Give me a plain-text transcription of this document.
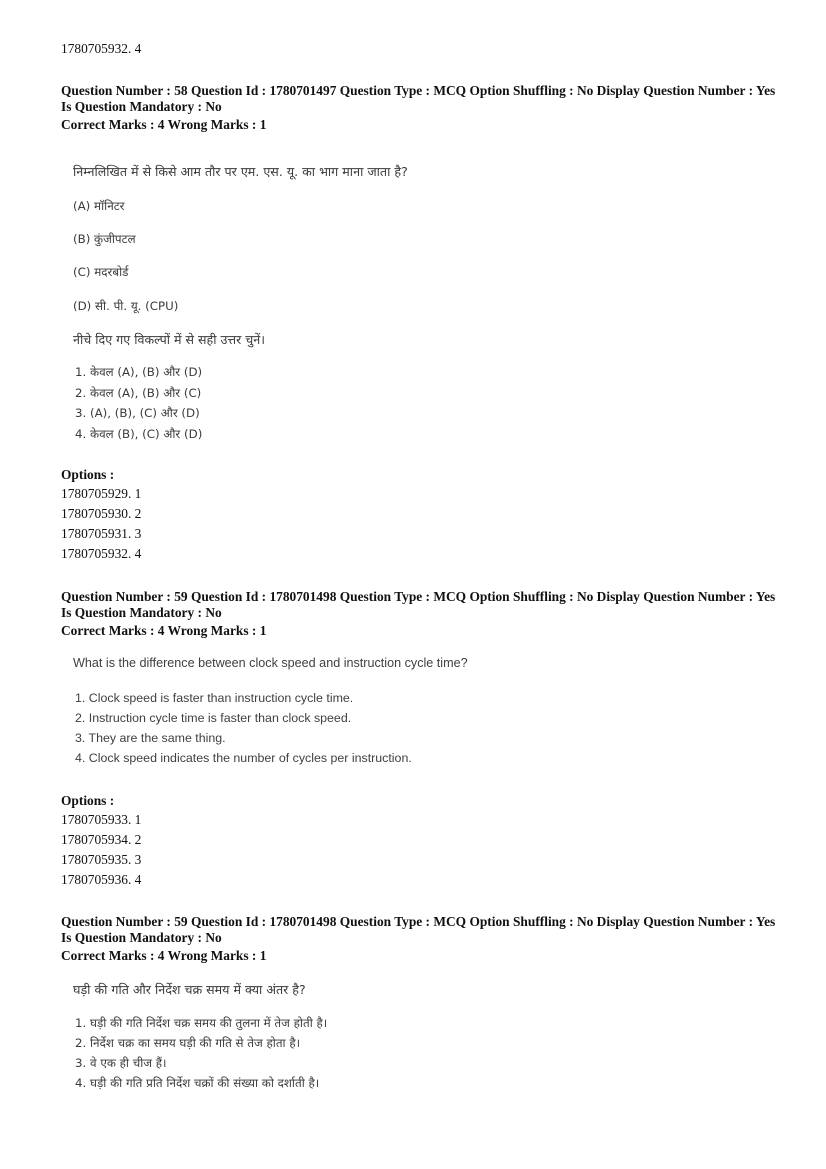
1780705932. 4
Question Number : 58 Question Id : 1780701497 Question Type : MCQ Option Shuffling : No Display Question Number : Yes
Is Question Mandatory : No
Correct Marks : 4 Wrong Marks : 1
निम्नलिखित में से किसे आम तौर पर एम. एस. यू. का भाग माना जाता है?
(A) मॉनिटर
(B) कुंजीपटल
(C) मदरबोर्ड
(D) सी. पी. यू. (CPU)
नीचे दिए गए विकल्पों में से सही उत्तर चुनें।
1. केवल (A), (B) और (D)
2. केवल (A), (B) और (C)
3. (A), (B), (C) और (D)
4. केवल (B), (C) और (D)
Options :
1780705929. 1
1780705930. 2
1780705931. 3
1780705932. 4
Question Number : 59 Question Id : 1780701498 Question Type : MCQ Option Shuffling : No Display Question Number : Yes
Is Question Mandatory : No
Correct Marks : 4 Wrong Marks : 1
What is the difference between clock speed and instruction cycle time?
1. Clock speed is faster than instruction cycle time.
2. Instruction cycle time is faster than clock speed.
3. They are the same thing.
4. Clock speed indicates the number of cycles per instruction.
Options :
1780705933. 1
1780705934. 2
1780705935. 3
1780705936. 4
Question Number : 59 Question Id : 1780701498 Question Type : MCQ Option Shuffling : No Display Question Number : Yes
Is Question Mandatory : No
Correct Marks : 4 Wrong Marks : 1
घड़ी की गति और निर्देश चक्र समय में क्या अंतर है?
1. घड़ी की गति निर्देश चक्र समय की तुलना में तेज होती है।
2. निर्देश चक्र का समय घड़ी की गति से तेज होता है।
3. वे एक ही चीज हैं।
4. घड़ी की गति प्रति निर्देश चक्रों की संख्या को दर्शाती है।
